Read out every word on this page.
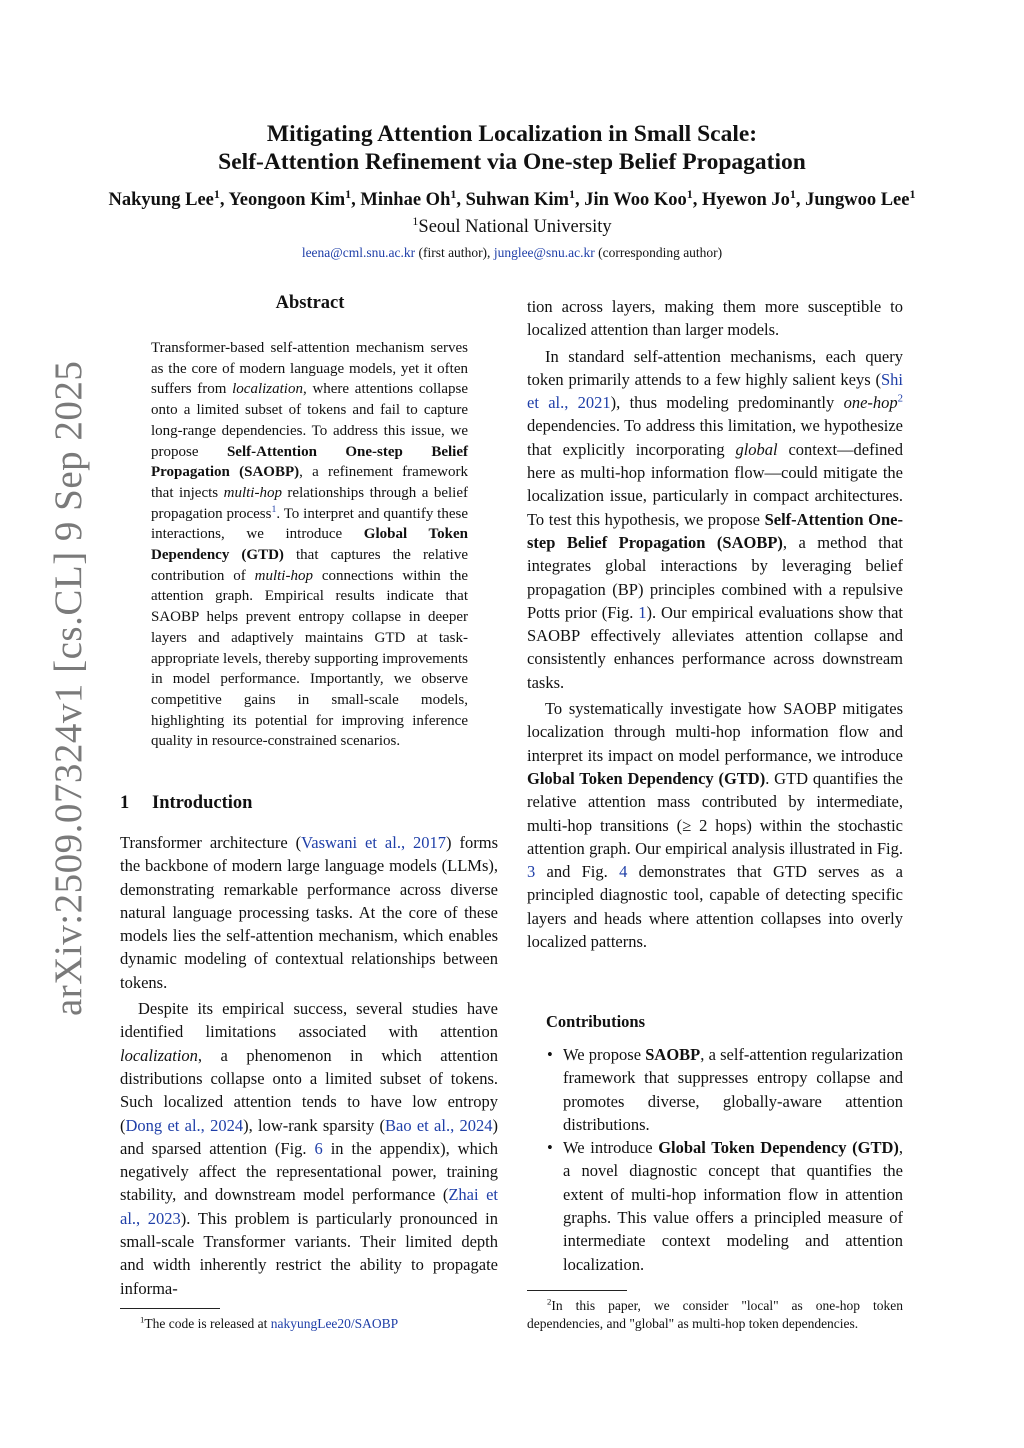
Mitigating Attention Localization in Small Scale:
Self-Attention Refinement via One-step Belief Propagation
Nakyung Lee$^1$, Yeongoon Kim$^1$, Minhae Oh$^1$, Suhwan Kim$^1$, Jin Woo Koo$^1$, Hyewon Jo$^1$, Jungwoo Lee$^1$
$^1$Seoul National University
leena@cml.snu.ac.kr (first author), junglee@snu.ac.kr (corresponding author)
arXiv:2509.07324v1 [cs.CL] 9 Sep 2025
Abstract

Transformer-based self-attention mechanism serves as the core of modern language models, yet it often suffers from localization, where attentions collapse onto a limited subset of tokens and fail to capture long-range dependencies. To address this issue, we propose Self-Attention One-step Belief Propagation (SAOBP), a refinement framework that injects multi-hop relationships through a belief propagation process$^1$. To interpret and quantify these interactions, we introduce Global Token Dependency (GTD) that captures the relative contribution of multi-hop connections within the attention graph. Empirical results indicate that SAOBP helps prevent entropy collapse in deeper layers and adaptively maintains GTD at task-appropriate levels, thereby supporting improvements in model performance. Importantly, we observe competitive gains in small-scale models, highlighting its potential for improving inference quality in resource-constrained scenarios.

1 Introduction

Transformer architecture (Vaswani et al., 2017) forms the backbone of modern large language models (LLMs), demonstrating remarkable performance across diverse natural language processing tasks. At the core of these models lies the self-attention mechanism, which enables dynamic modeling of contextual relationships between tokens.

Despite its empirical success, several studies have identified limitations associated with attention localization, a phenomenon in which attention distributions collapse onto a limited subset of tokens. Such localized attention tends to have low entropy (Dong et al., 2024), low-rank sparsity (Bao et al., 2024) and sparsed attention (Fig. 6 in the appendix), which negatively affect the representational power, training stability, and downstream model performance (Zhai et al., 2023). This problem is particularly pronounced in small-scale Transformer variants. Their limited depth and width inherently restrict the ability to propagate informa-

tion across layers, making them more susceptible to localized attention than larger models.

In standard self-attention mechanisms, each query token primarily attends to a few highly salient keys (Shi et al., 2021), thus modeling predominantly one-hop$^2$ dependencies. To address this limitation, we hypothesize that explicitly incorporating global context—defined here as multi-hop information flow—could mitigate the localization issue, particularly in compact architectures. To test this hypothesis, we propose Self-Attention One-step Belief Propagation (SAOBP), a method that integrates global interactions by leveraging belief propagation (BP) principles combined with a repulsive Potts prior (Fig. 1). Our empirical evaluations show that SAOBP effectively alleviates attention collapse and consistently enhances performance across downstream tasks.

To systematically investigate how SAOBP mitigates localization through multi-hop information flow and interpret its impact on model performance, we introduce Global Token Dependency (GTD). GTD quantifies the relative attention mass contributed by intermediate, multi-hop transitions (≥ 2 hops) within the stochastic attention graph. Our empirical analysis illustrated in Fig. 3 and Fig. 4 demonstrates that GTD serves as a principled diagnostic tool, capable of detecting specific layers and heads where attention collapses into overly localized patterns.

Contributions
• We propose SAOBP, a self-attention regularization framework that suppresses entropy collapse and promotes diverse, globally-aware attention distributions.

• We introduce Global Token Dependency (GTD), a novel diagnostic concept that quantifies the extent of multi-hop information flow in attention graphs. This value offers a principled measure of intermediate context modeling and attention localization.

$^1$The code is released at nakyungLee20/SAOBP
$^2$In this paper, we consider "local" as one-hop token dependencies, and "global" as multi-hop token dependencies.
